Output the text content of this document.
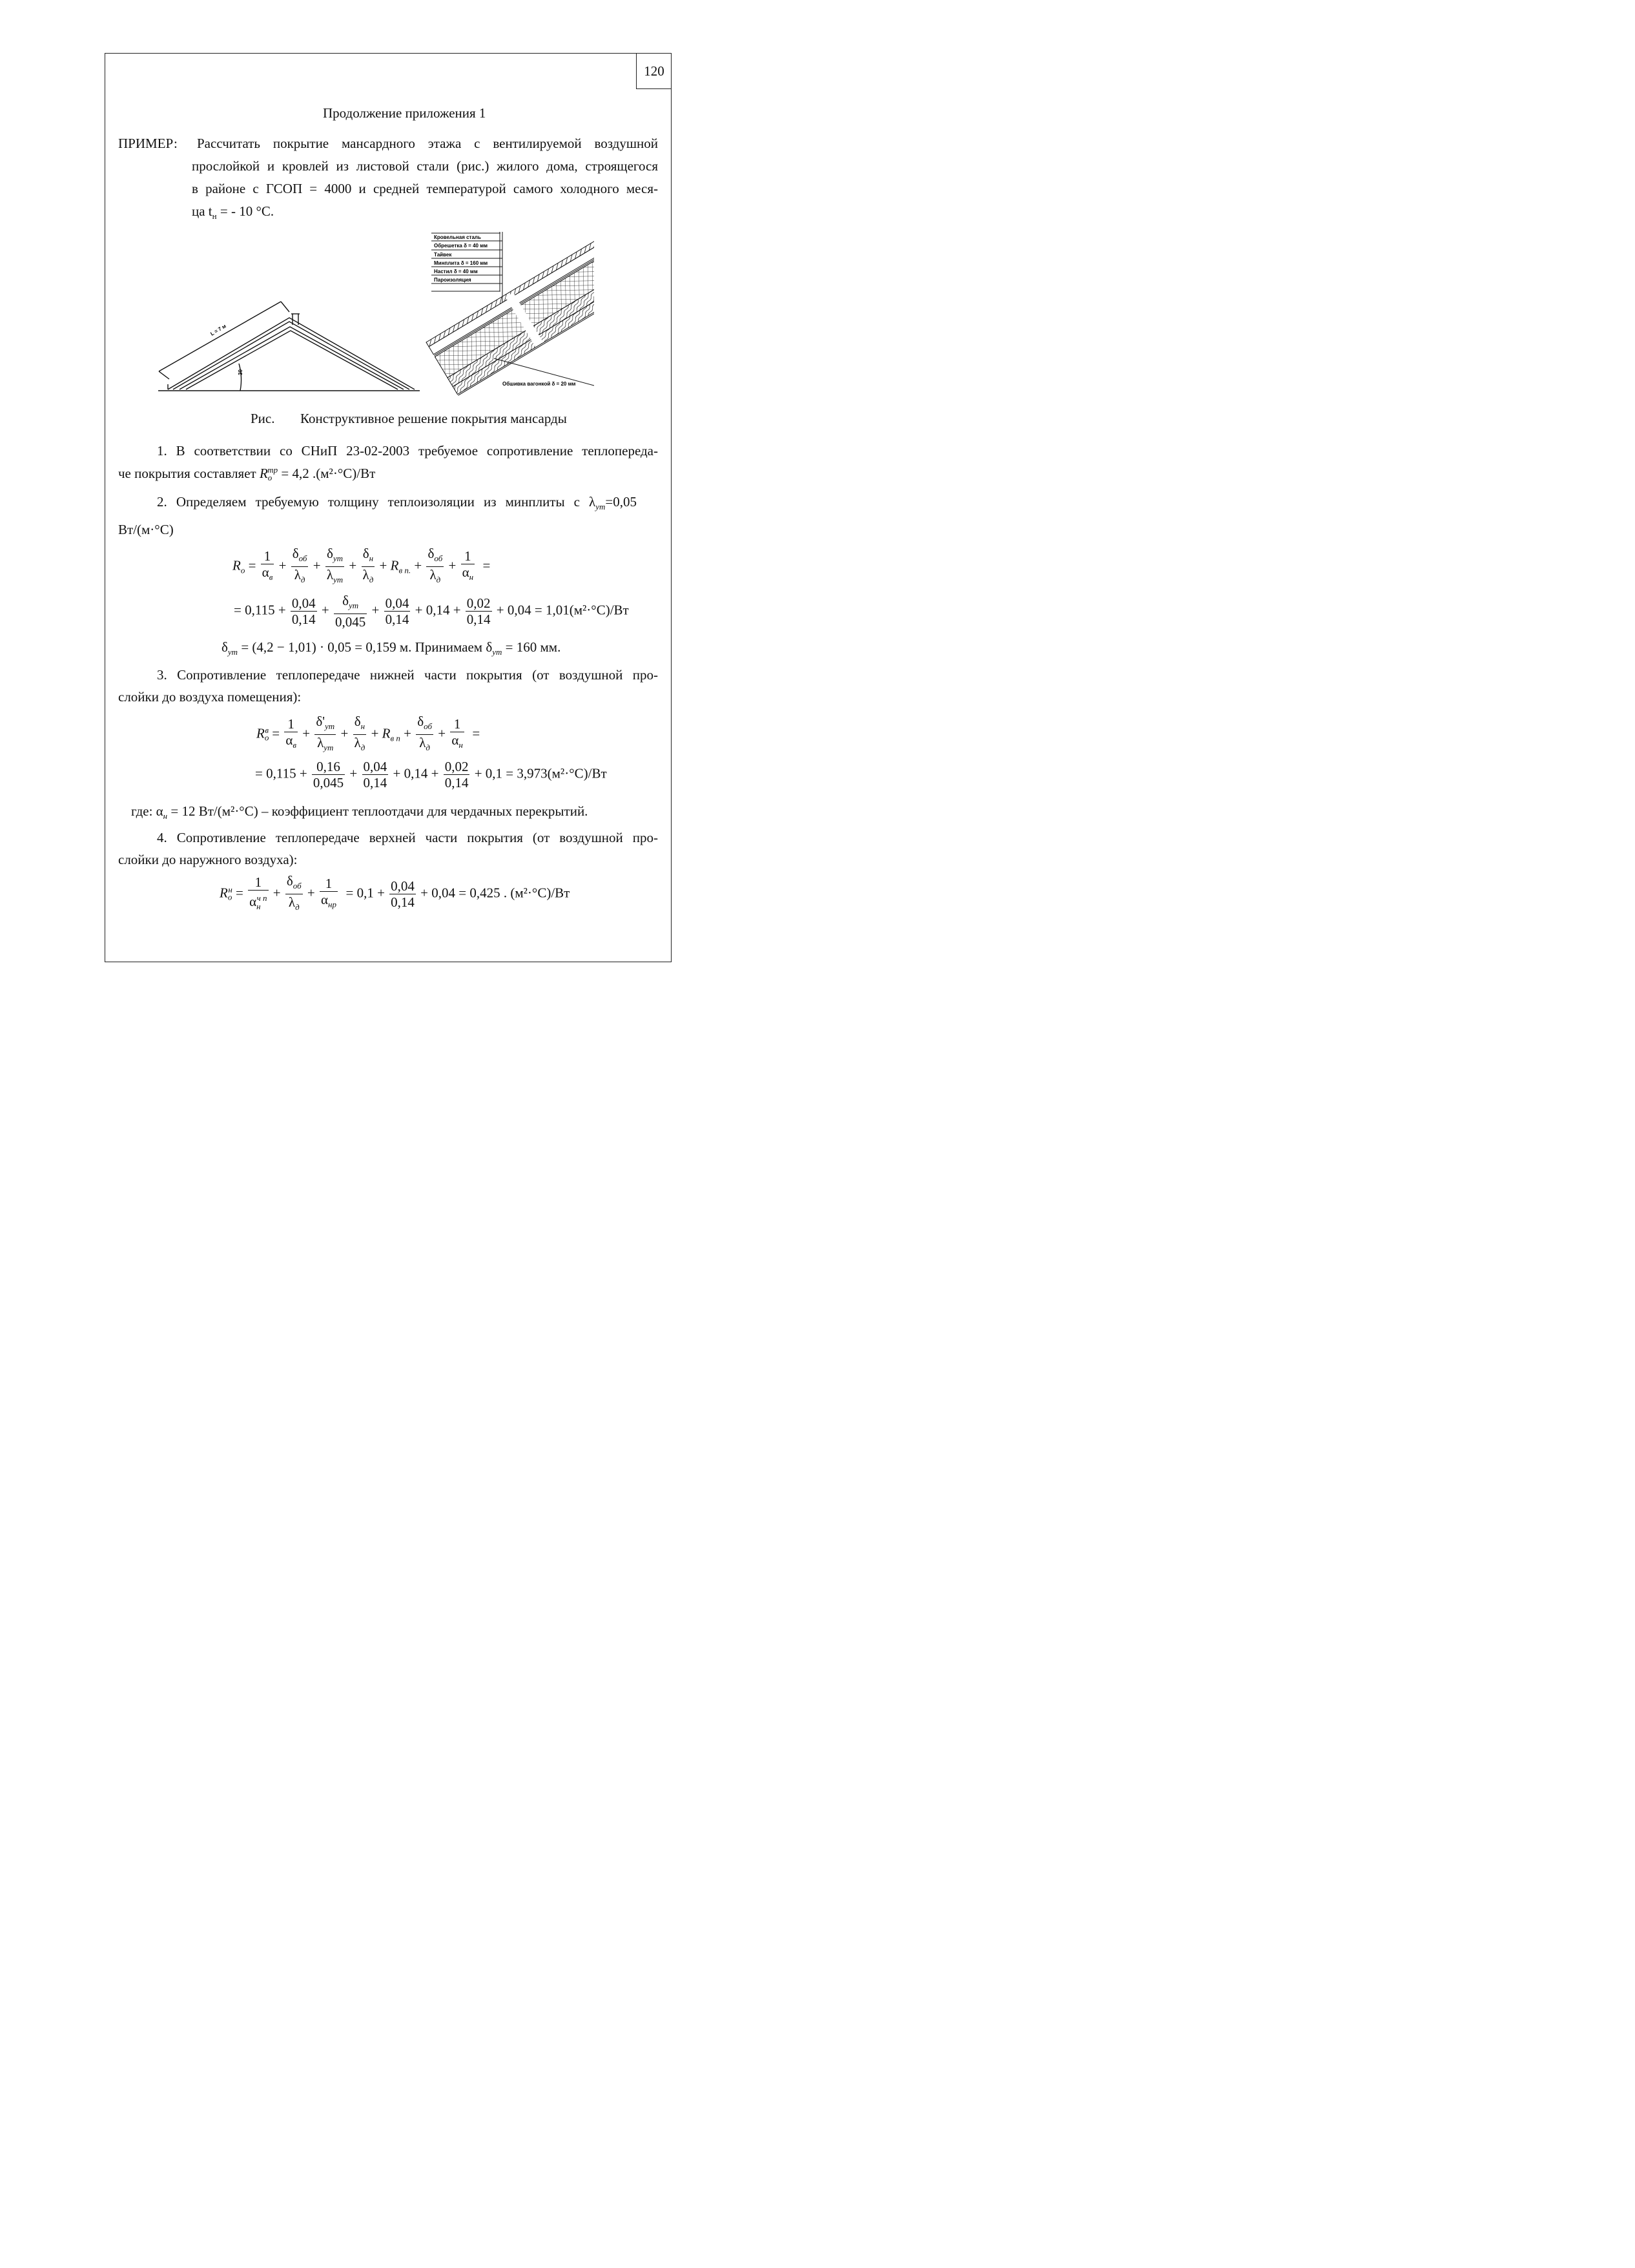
120
Продолжение приложения 1
ПРИМЕР: Рассчитать покрытие мансардного этажа с вентилируемой воздушной
прослойкой и кровлей из листовой стали (рис.) жилого дома, строящегося
в районе с ГСОП = 4000 и средней температурой самого холодного меся-
ца $t_н$ = - 10 °С.
L = 7 м
30
Кровельная сталь
Обрешетка δ = 40 мм
Тайвек
Минплита δ = 160 мм
Настил δ = 40 мм
Пароизоляция
Обшивка вагонкой δ = 20 мм
Рис. Конструктивное решение покрытия мансарды
1. В соответствии со СНиП 23-02-2003 требуемое сопротивление теплопереда-
че покрытия составляет $R_o^{тр} = 4,2$ .(м²·°С)/Вт
2. Определяем требуемую толщину теплоизоляции из минплиты с $\lambda_{ут}=0,05$
Вт/(м·°С)
$R_o = \frac{1}{\alpha_в} + \frac{\delta_{об}}{\lambda_д} + \frac{\delta_{ут}}{\lambda_{ут}} + \frac{\delta_н}{\lambda_д} + R_{в п.} + \frac{\delta_{об}}{\lambda_д} + \frac{1}{\alpha_н}$ =
= $0,115 + \frac{0,04}{0,14} + \frac{\delta_{ут}}{0,045} + \frac{0,04}{0,14} + 0,14 + \frac{0,02}{0,14} + 0,04 = 1,01(м^2\cdot^\circ С)/Вт$
$\delta_{ут} = (4,2 - 1,01) \cdot 0,05 = 0,159$ м. Принимаем $\delta_{ут} = 160$ мм.
3. Сопротивление теплопередаче нижней части покрытия (от воздушной про-
слойки до воздуха помещения):
$R_o^в = \frac{1}{\alpha_в} + \frac{\delta'_{ут}}{\lambda_{ут}} + \frac{\delta_н}{\lambda_д} + R_{в п} + \frac{\delta_{об}}{\lambda_д} + \frac{1}{\alpha_н}$ =
= $0,115 + \frac{0,16}{0,045} + \frac{0,04}{0,14} + 0,14 + \frac{0,02}{0,14} + 0,1 = 3,973(м^2\cdot^\circ С)/Вт$
где: $\alpha_н = 12$ Вт/(м²·°С) – коэффициент теплоотдачи для чердачных перекрытий.
4. Сопротивление теплопередаче верхней части покрытия (от воздушной про-
слойки до наружного воздуха):
$R_o^н = \frac{1}{\alpha_н^{ч п}} + \frac{\delta_{об}}{\lambda_д} + \frac{1}{\alpha_{нр}} = 0,1 + \frac{0,04}{0,14} + 0,04 = 0,425$ . (м²·°С)/Вт
